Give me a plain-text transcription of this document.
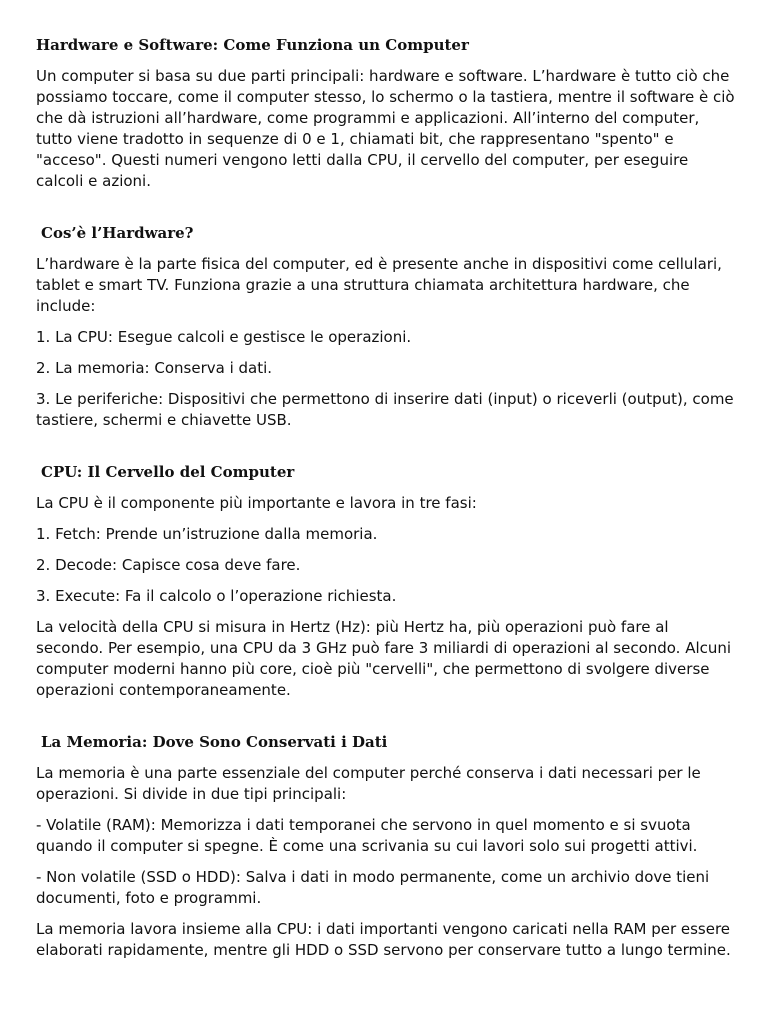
Hardware e Software: Come Funziona un Computer

Un computer si basa su due parti principali: hardware e software. L’hardware è tutto ciò che possiamo toccare, come il computer stesso, lo schermo o la tastiera, mentre il software è ciò che dà istruzioni all’hardware, come programmi e applicazioni. All’interno del computer, tutto viene tradotto in sequenze di 0 e 1, chiamati bit, che rappresentano "spento" e "acceso". Questi numeri vengono letti dalla CPU, il cervello del computer, per eseguire calcoli e azioni.

Cos’è l’Hardware?

L’hardware è la parte fisica del computer, ed è presente anche in dispositivi come cellulari, tablet e smart TV. Funziona grazie a una struttura chiamata architettura hardware, che include:

1. La CPU: Esegue calcoli e gestisce le operazioni.

2. La memoria: Conserva i dati.

3. Le periferiche: Dispositivi che permettono di inserire dati (input) o riceverli (output), come tastiere, schermi e chiavette USB.

CPU: Il Cervello del Computer

La CPU è il componente più importante e lavora in tre fasi:

1. Fetch: Prende un’istruzione dalla memoria.

2. Decode: Capisce cosa deve fare.

3. Execute: Fa il calcolo o l’operazione richiesta.

La velocità della CPU si misura in Hertz (Hz): più Hertz ha, più operazioni può fare al secondo. Per esempio, una CPU da 3 GHz può fare 3 miliardi di operazioni al secondo. Alcuni computer moderni hanno più core, cioè più "cervelli", che permettono di svolgere diverse operazioni contemporaneamente.

La Memoria: Dove Sono Conservati i Dati

La memoria è una parte essenziale del computer perché conserva i dati necessari per le operazioni. Si divide in due tipi principali:

- Volatile (RAM): Memorizza i dati temporanei che servono in quel momento e si svuota quando il computer si spegne. È come una scrivania su cui lavori solo sui progetti attivi.

- Non volatile (SSD o HDD): Salva i dati in modo permanente, come un archivio dove tieni documenti, foto e programmi.

La memoria lavora insieme alla CPU: i dati importanti vengono caricati nella RAM per essere elaborati rapidamente, mentre gli HDD o SSD servono per conservare tutto a lungo termine.
